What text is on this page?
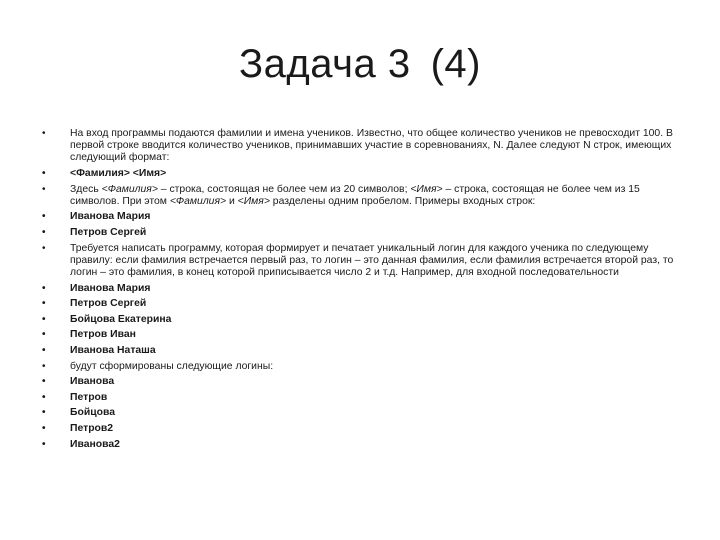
Задача 3 (4)
• На вход программы подаются фамилии и имена учеников. Известно, что общее количество учеников не превосходит 100. В первой строке вводится количество учеников, принимавших участие в соревнованиях, N. Далее следуют N строк, имеющих следующий формат:
• <Фамилия> <Имя>
• Здесь <Фамилия> – строка, состоящая не более чем из 20 символов; <Имя> – строка, состоящая не более чем из 15 символов. При этом <Фамилия> и <Имя> разделены одним пробелом. Примеры входных строк:
• Иванова Мария
• Петров Сергей
• Требуется написать программу, которая формирует и печатает уникальный логин для каждого ученика по следующему правилу: если фамилия встречается первый раз, то логин – это данная фамилия, если фамилия встречается второй раз, то логин – это фамилия, в конец которой приписывается число 2 и т.д. Например, для входной последовательности
• Иванова Мария
• Петров Сергей
• Бойцова Екатерина
• Петров Иван
• Иванова Наташа
• будут сформированы следующие логины:
• Иванова
• Петров
• Бойцова
• Петров2
• Иванова2
